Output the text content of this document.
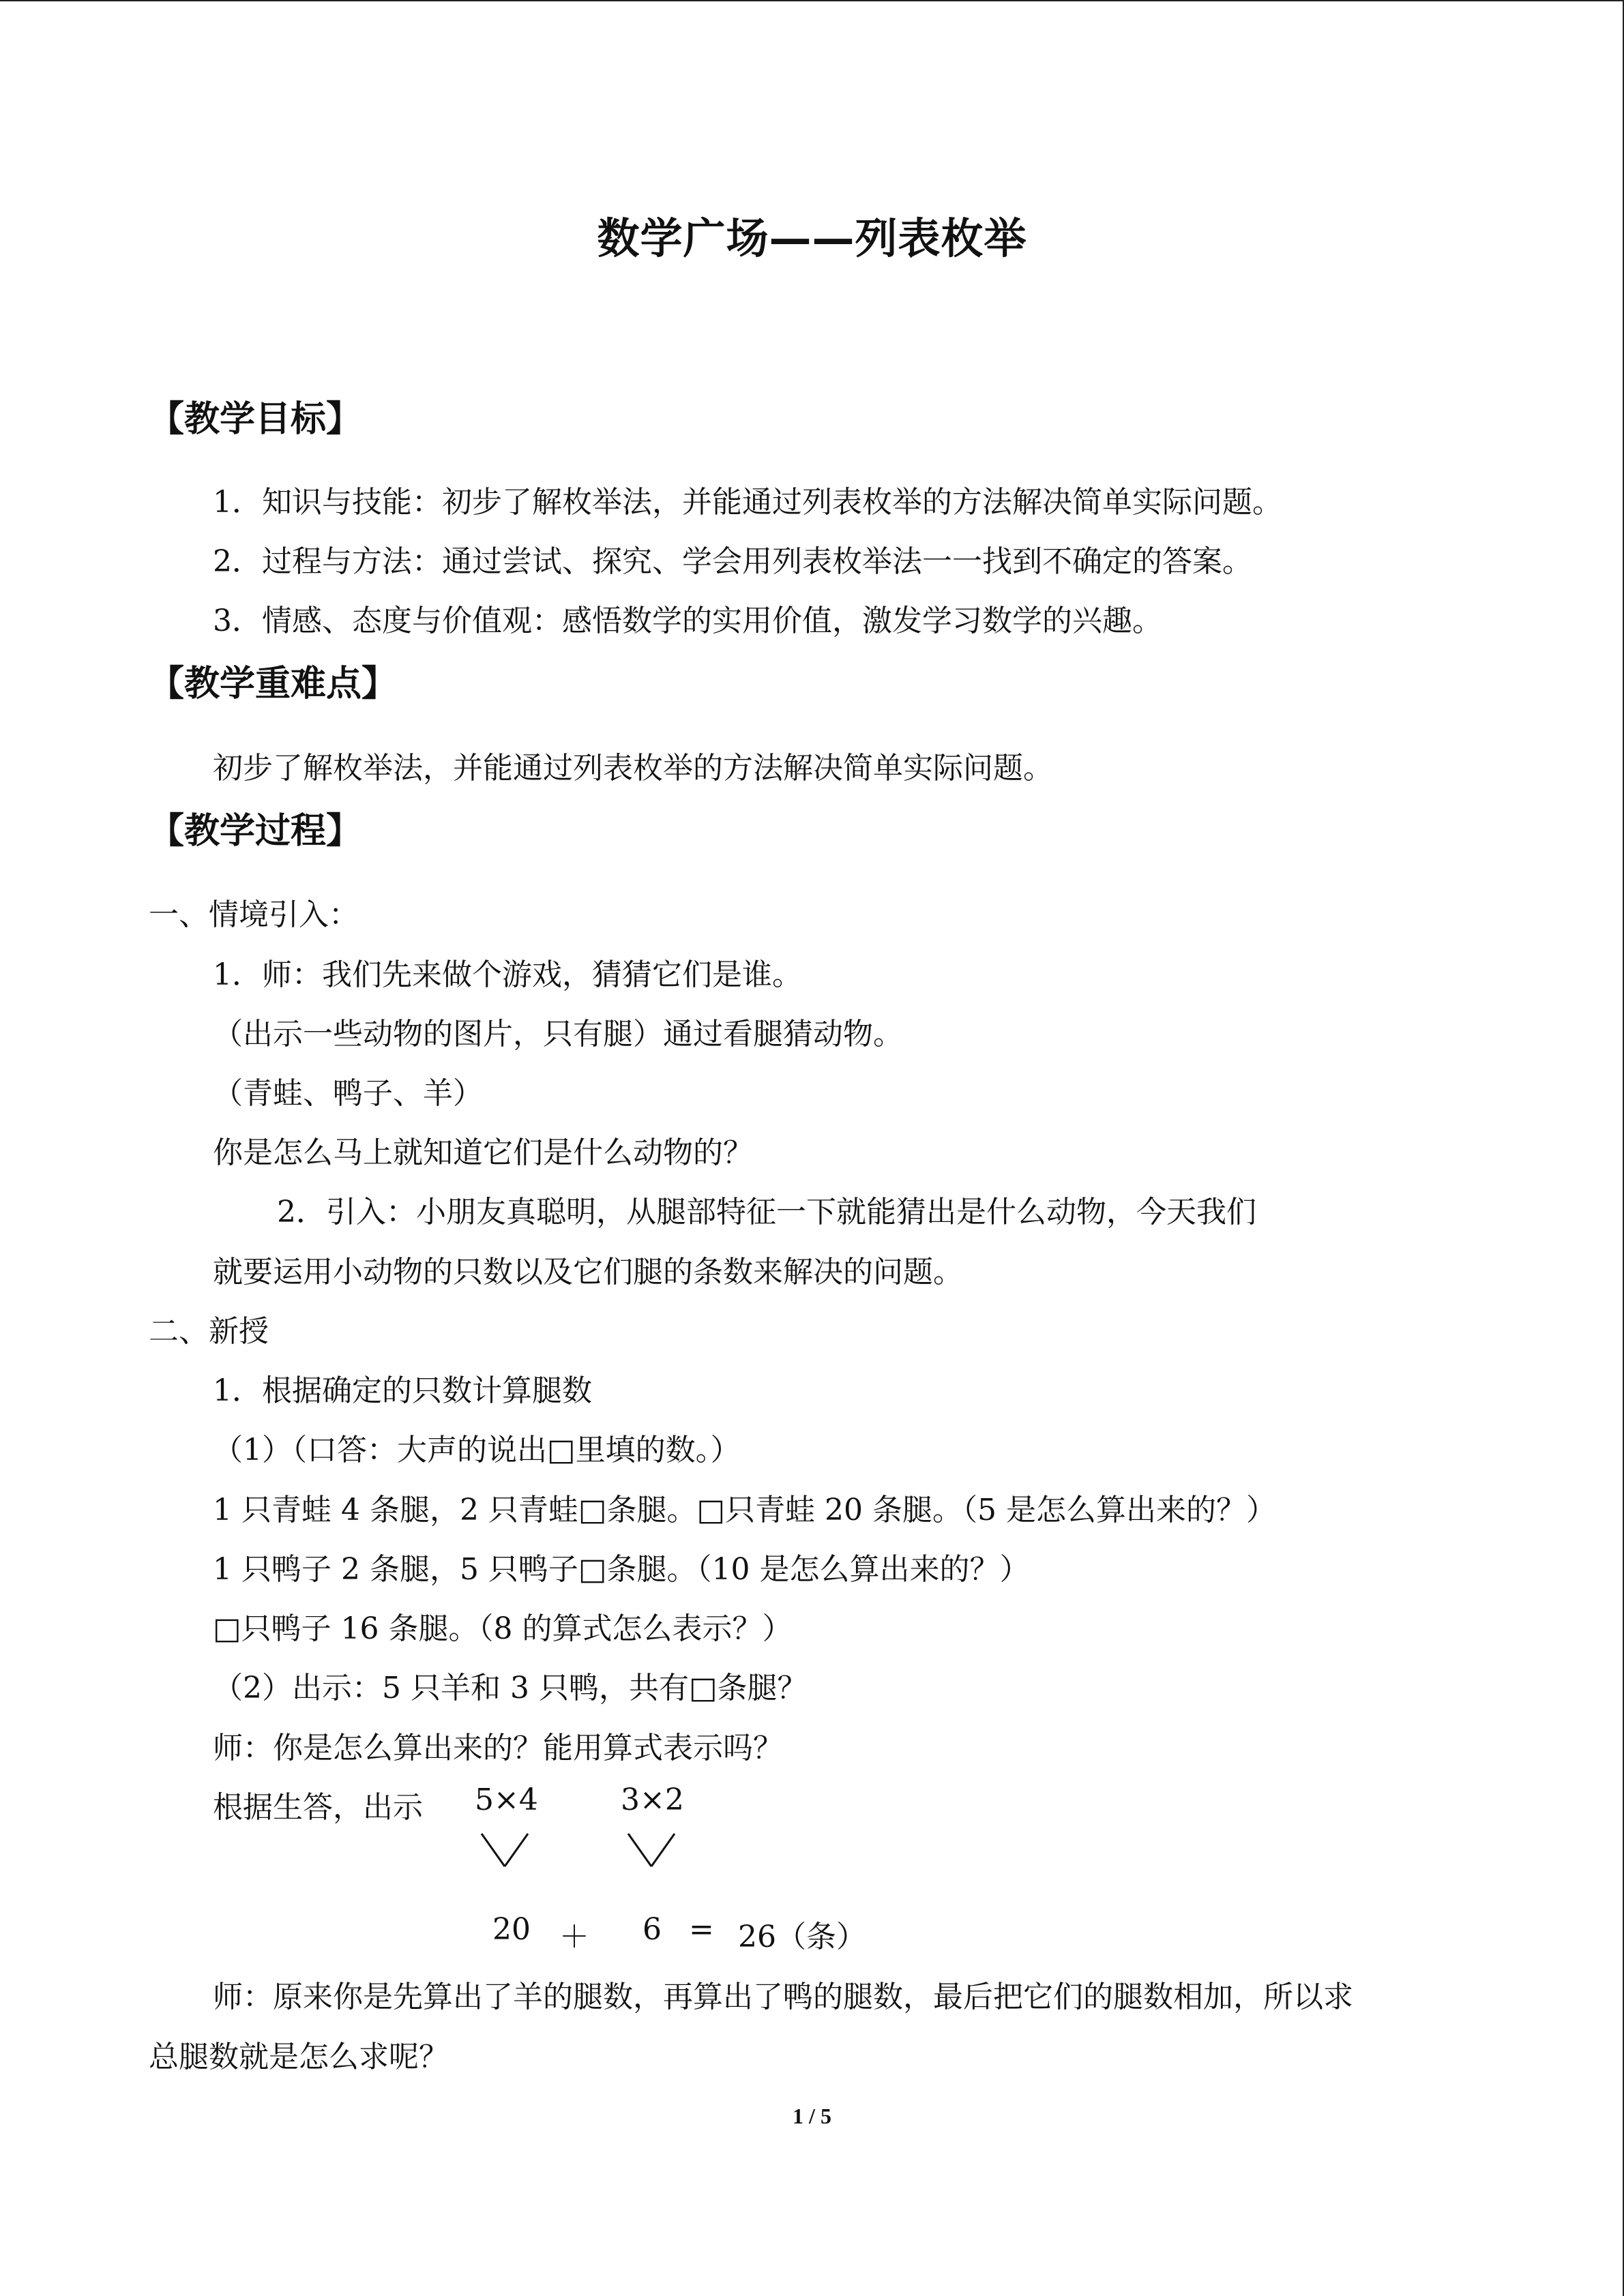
数学广场——列表枚举
【教学目标】
1．知识与技能：初步了解枚举法，并能通过列表枚举的方法解决简单实际问题。
2．过程与方法：通过尝试、探究、学会用列表枚举法一一找到不确定的答案。
3．情感、态度与价值观：感悟数学的实用价值，激发学习数学的兴趣。
【教学重难点】
初步了解枚举法，并能通过列表枚举的方法解决简单实际问题。
【教学过程】
一、情境引入：
1．师：我们先来做个游戏，猜猜它们是谁。
（出示一些动物的图片，只有腿）通过看腿猜动物。
（青蛙、鸭子、羊）
你是怎么马上就知道它们是什么动物的？
2．引入：小朋友真聪明，从腿部特征一下就能猜出是什么动物，今天我们
就要运用小动物的只数以及它们腿的条数来解决的问题。
二、新授
1．根据确定的只数计算腿数
（1）（口答：大声的说出□里填的数。）
1 只青蛙 4 条腿，2 只青蛙□条腿。□只青蛙 20 条腿。（5 是怎么算出来的？）
1 只鸭子 2 条腿，5 只鸭子□条腿。（10 是怎么算出来的？）
□只鸭子 16 条腿。（8 的算式怎么表示？）
（2）出示：5 只羊和 3 只鸭，共有□条腿？
师：你是怎么算出来的？能用算式表示吗？
根据生答，出示 5×4	3×2
20 ＋ 6 = 26（条）
师：原来你是先算出了羊的腿数，再算出了鸭的腿数，最后把它们的腿数相加，所以求
总腿数就是怎么求呢？
1 / 5
